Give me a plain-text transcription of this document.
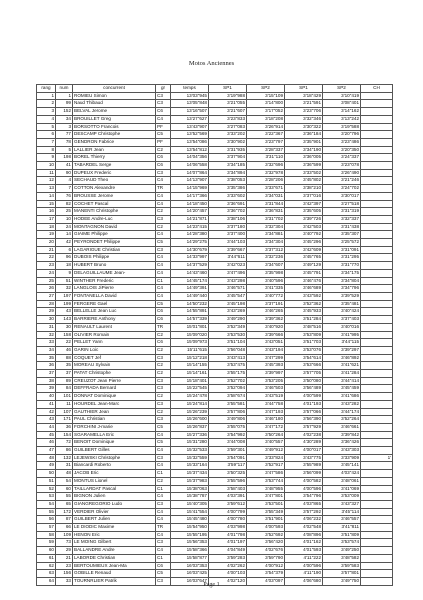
Motos Anciennes
rang	num	concurrent	gr	temps	SP1	SP2	SP1	SP2	CH
1	1	ROMIEU Simon	C3	13'03"945	3'19"988	3'15"109	3'18"429	3'10"419	
2	99	Naud Thibaud	C3	13'05"848	3'21"055	3'14"800	3'21"591	3'08"401	
3	152	BELVAL Jerome	C6	13'16"507	3'21"607	3'17"052	3'23"706	3'14"162	
4	34	BROUILLET Greg	C4	13'27"627	3'23"833	3'18"208	3'32"346	3'13"242	
5	3	BORSOTTO Francois	PF	13'43"907	3'27"083	3'26"914	3'30"322	3'19"588	
6	77	DESCAMP Christophe	C5	13'52"569	3'33"202	3'22"367	3'36"184	3'20"796	
7	78	GENDRON Fabrice	PF	13'54"086	3'30"902	3'23"797	3'35"901	3'23"486	
8	5	LALLIER Jean	C2	13'54"812	3'31"935	3'28"337	3'34"190	3'20"350	
9	198	BOREL Thierry	C6	14'04"356	3'37"904	3'31"110	3'36"005	3'24"337	
10	41	TABARDEL Serge	C6	14'06"558	3'34"185	3'32"696	3'36"599	3'23"078	
11	90	DUPEUX Frederic	C3	14'07"864	3'34"894	3'32"978	3'33"502	3'26"490	
12	4	SECHAUD Theo	C4	14'13"907	3'38"053	3'28"206	3'45"802	3'21"246	
13	7	COTTON Alexandre	TR	14'15"969	3'35"386	3'33"671	3'38"210	3'24"702	
14	76	BROUSSE Jerome	C4	14'17"366	3'33"602	3'34"031	3'37"016	3'30"017	
15	82	COCHET Pascal	C4	14'18"450	3'36"691	3'31"844	3'42"397	3'27"518	
16	25	MANENTI Christophe	C2	14'20"457	3'36"702	3'36"831	3'35"605	3'31"319	
17	10	HODEE Andre-Luc	C3	14'21"871	3'38"106	3'31"702	3'39"726	3'32"337	
18	24	MONTAGNON David	C2	14'23"415	3'37"180	3'32"304	3'42"503	3'31"438	
19	14	GIAIME Philippe	C4	14'28"380	3'37"400	3'34"881	3'40"792	3'35"307	
20	42	PEYRONDET Philippe	C5	14'29"275	3'44"103	3'34"304	3'45"296	3'25"572	
21	6	LAGARIGUE Christian	C3	14'30"679	3'39"667	3'37"312	3'42"609	3'31"091	
22	96	DUBOIS Philippe	C4	14'33"997	3'44"611	3'32"236	3'45"765	3'31"295	
23	18	HUBERT Bruno	C4	14'37"529	3'42"023	3'34"607	3'49"129	3'31"770	
24	9	DELAGUILLAUME Jean-	C4	14'43"460	3'47"496	3'35"998	3'45"791	3'34"175	
25	51	WINTHER Frederic	C1	14'45"174	3'43"298	3'40"596	3'46"476	3'34"804	
26	32	LANGLOIS JiPierre	C4	14'49"391	3'46"571	3'41"335	3'46"689	3'34"796	
27	197	FONTANELLA David	C4	14'49"440	3'45"547	3'40"772	3'43"592	3'39"529	
28	199	FERGERE Gael	C5	14'50"232	3'45"198	3'37"191	3'52"362	3'35"481	
29	43	BELLELLE Jean Luc	C6	14'55"891	3'43"269	3'46"265	3'45"933	3'40"424	
30	143	BARRIERE Anthony	C6	14'57"339	3'49"290	3'39"362	3'51"284	3'37"403	
31	30	RENAULT Laurent	TR	15'01"801	3'52"349	3'40"920	3'48"516	3'40"016	
32	158	OLIVIER Romain	C2	15'09"020	3'53"530	3'39"666	3'53"809	3'41"995	
33	22	PELLET Yann	C6	15'09"973	3'51"104	3'43"051	3'51"703	3'44"115	
34	46	GARIN Loic	C2	15'11"615	3'56"048	3'43"194	3'53"076	3'39"297	
35	88	COQUET Jef	C3	15'12"218	3'43"413	3'47"299	3'54"614	3'46"892	
36	35	MOREAU Sylvain	C2	15'14"155	3'53"475	3'45"393	3'53"666	3'41"621	
37	37	PATAT Christophe	C2	15'14"161	3'55"175	3'39"997	3'57"705	3'41"284	
38	89	CREUZOT Jean Pierre	C3	15'18"401	3'52"702	3'53"205	3'50"080	3'44"414	
39	84	DEFFRADA Bernard	C3	15'22"545	3'52"094	3'46"503	3'56"489	3'45"459	
40	101	DONNAT Dominique	C2	15'24"478	3'58"674	3'43"519	4'00"599	3'41"686	
41	11	HOURDEL Jean-Marc	C3	15'24"814	3'55"581	3'44"758	4'01"193	3'43"282	
42	107	GAUTHIER Jean	C2	15'26"239	3'57"806	3'47"193	3'57"066	3'44"174	
43	171	PAUL Christian	C3	15'26"600	3'49"806	3'46"180	3'56"390	3'52"264	
44	36	FORCHINI J-marie	C5	15'26"837	3'55"075	3'47"172	3'57"929	3'46"661	
45	154	SGARAMELLA Eric	C4	15'27"336	3'54"992	3'50"264	4'02"238	3'39"842	
46	72	BENOIT Dominique	C5	15'31"280	3'44"008	3'40"557	4'30"289	3'36"426	
47	86	GUILBERT Gilles	C4	15'32"533	3'59"301	3'49"912	4'00"017	3'43"303	
48	132	LEJEWSKI Christophe	C3	15'32"559	3'54"091	3'33"824	3'43"775	3'33"909	1'
49	31	Biancardi Roberto	C4	15'33"164	3'59"117	3'52"917	3'55"989	3'45"141	
50	48	JACOB Eric	C1	15'37"434	3'50"325	3'47"586	3'56"099	4'03"424	
51	54	MONTUS Lionel	C2	15'37"983	3'55"596	3'53"744	4'00"582	3'48"061	
52	60	TAILLARDAT Pascal	C1	15'38"063	3'58"403	3'48"955	4'00"596	3'41"069	
53	55	BIGNON Julien	C4	15'38"787	4'03"391	3'47"801	3'54"796	3'53"009	
54	65	GIANGREGORIO Ludo	C3	15'40"305	3'59"612	3'53"501	4'03"865	3'43"327	
55	172	VERDIER Olivier	C4	15'41"554	4'00"799	3'55"349	3'57"292	3'45"114	
56	87	GUILBERT Julien	C4	15'45"480	4'00"780	3'51"901	4'06"232	3'46"557	
57	66	LE DIODIC Maxime	TR	15'54"950	4'03"998	4'00"593	4'02"548	3'41"811	
58	109	HENON Eric	C4	15'55"195	4'01"798	3'52"692	4'08"896	3'51"809	
59	73	LE MOING Gilbert	C3	15'56"353	4'01"197	3'56"420	4'01"162	3'53"574	
60	29	BALLANDRE Andre	C4	15'58"366	4'04"849	4'02"676	4'01"593	3'49"250	
61	21	LABORDE Christian	C1	15'58"877	3'59"283	3'59"790	4'11"222	3'48"582	
62	23	BERTOUMIEUX Jean-Ma	C6	16'03"353	4'02"262	4'00"912	4'00"596	3'59"583	
63	156	GOBILLE Renaud	C5	16'03"425	4'00"103	3'54"379	4'11"190	3'57"801	
64	33	TOURNRLIER Patrik	C3	16'03"647	4'02"120	4'03"097	4'06"680	3'49"750	
Page 1
